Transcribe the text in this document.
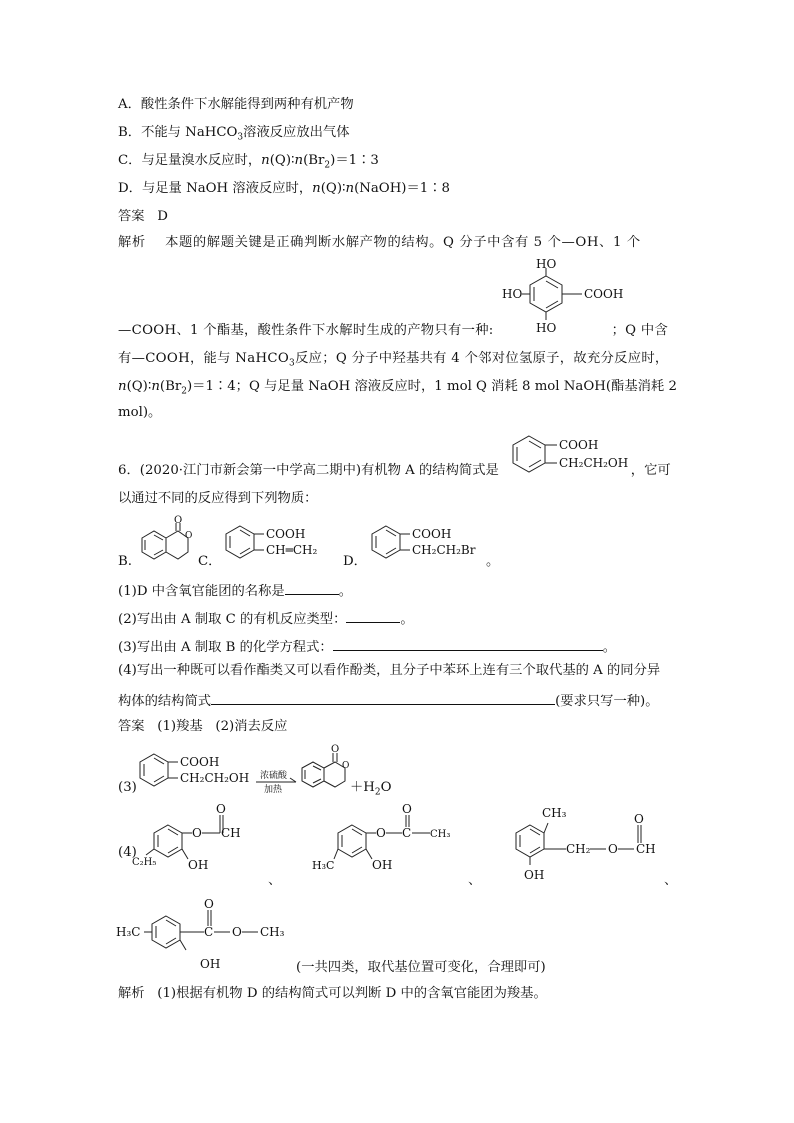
A．酸性条件下水解能得到两种有机产物
B．不能与 NaHCO$_3$溶液反应放出气体
C．与足量溴水反应时，$n(Q)∶n(Br_2)=1∶3$
D．与足量 NaOH 溶液反应时，n(Q)∶n(NaOH)＝1∶8
答案 D
解析 本题的解题关键是正确判断水解产物的结构。Q 分子中含有 5 个—OH、1 个
HO
HO	COOH
HO
—COOH、1 个酯基，酸性条件下水解时生成的产物只有一种:	；Q 中含
有—COOH，能与 NaHCO$_3$反应；Q 分子中羟基共有 4 个邻对位氢原子，故充分反应时，
$n(Q)∶n(Br_2)=1∶4$；Q 与足量 NaOH 溶液反应时，1 mol Q 消耗 8 mol NaOH(酯基消耗 2
mol)。
6．(2020·江门市新会第一中学高二期中)有机物 A 的结构简式是	，它可
COOH
CH₂CH₂OH
以通过不同的反应得到下列物质：
B.
O
O
C．
COOH
CH═CH₂
D．
COOH
CH₂CH₂Br
。
(1)D 中含氧官能团的名称是	。
(2)写出由 A 制取 C 的有机反应类型：	。
(3)写出由 A 制取 B 的化学方程式：	。
(4)写出一种既可以看作酯类又可以看作酚类，且分子中苯环上连有三个取代基的 A 的同分异
构体的结构简式	(要求只写一种)。
答案 (1)羧基 (2)消去反应
(3)
COOH
CH₂CH₂OH 浓硫酸
加热
O
O
$+H_2O$
(4)
O
O
CH
OH
C₂H₅
、
O C
O
CH₃
OH
H₃C
、
CH₃
CH₂ O
O
CH
OH	、
H₃C	C
O
O CH₃
OH	(一共四类，取代基位置可变化，合理即可)
解析 (1)根据有机物 D 的结构简式可以判断 D 中的含氧官能团为羧基。
